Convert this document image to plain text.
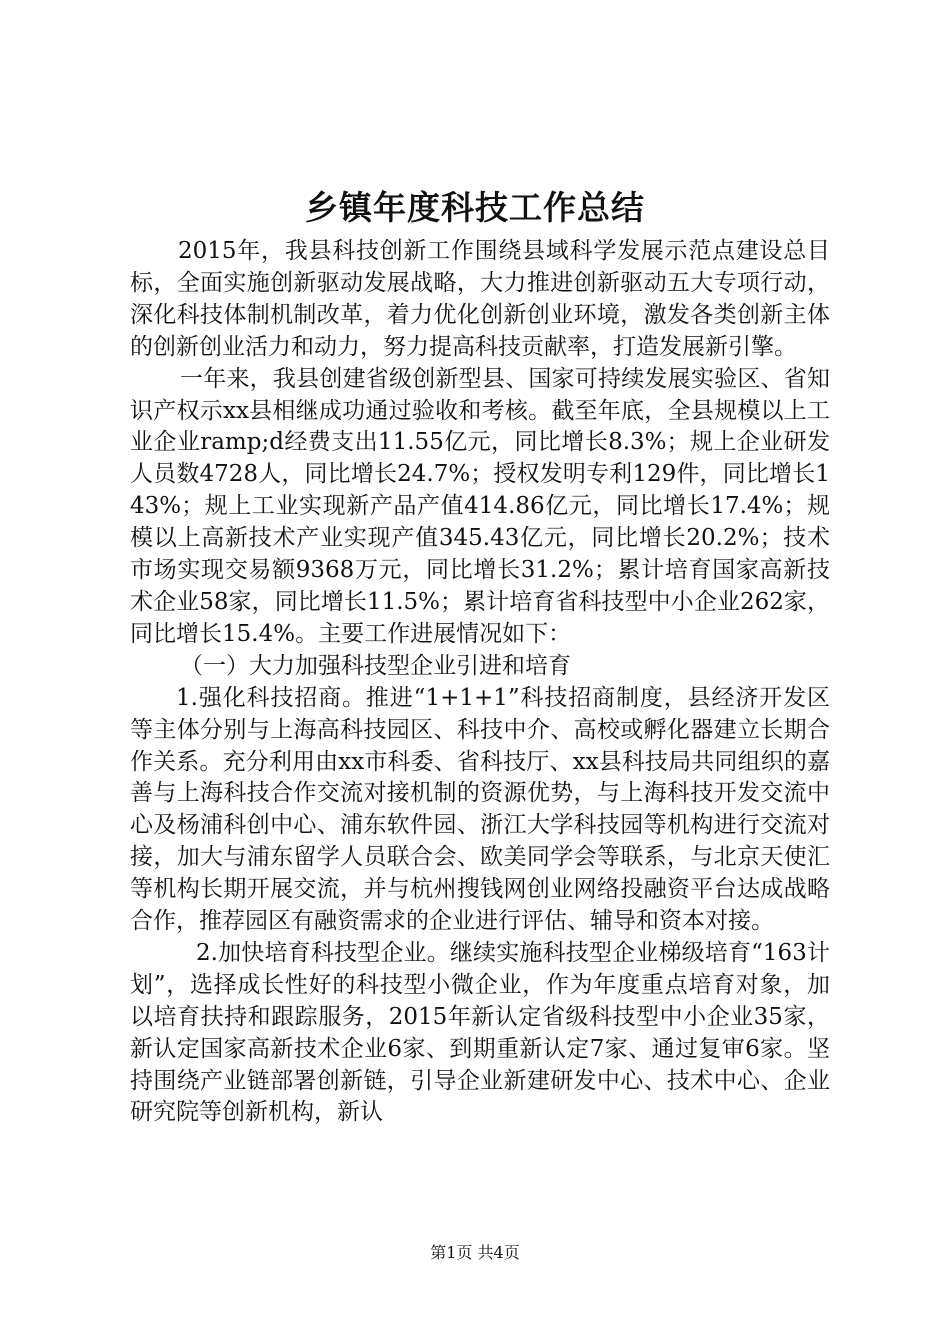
乡镇年度科技工作总结

2015年，我县科技创新工作围绕县域科学发展示范点建设总目标，全面实施创新驱动发展战略，大力推进创新驱动五大专项行动，深化科技体制机制改革，着力优化创新创业环境，激发各类创新主体的创新创业活力和动力，努力提高科技贡献率，打造发展新引擎。

一年来，我县创建省级创新型县、国家可持续发展实验区、省知识产权示xx县相继成功通过验收和考核。截至年底，全县规模以上工业企业ramp;d经费支出11.55亿元，同比增长8.3%；规上企业研发人员数4728人，同比增长24.7%；授权发明专利129件，同比增长143%；规上工业实现新产品产值414.86亿元，同比增长17.4%；规模以上高新技术产业实现产值345.43亿元，同比增长20.2%；技术市场实现交易额9368万元，同比增长31.2%；累计培育国家高新技术企业58家，同比增长11.5%；累计培育省科技型中小企业262家，同比增长15.4%。主要工作进展情况如下：

（一）大力加强科技型企业引进和培育

1.强化科技招商。推进“1+1+1”科技招商制度，县经济开发区等主体分别与上海高科技园区、科技中介、高校或孵化器建立长期合作关系。充分利用由xx市科委、省科技厅、xx县科技局共同组织的嘉善与上海科技合作交流对接机制的资源优势，与上海科技开发交流中心及杨浦科创中心、浦东软件园、浙江大学科技园等机构进行交流对接，加大与浦东留学人员联合会、欧美同学会等联系，与北京天使汇等机构长期开展交流，并与杭州搜钱网创业网络投融资平台达成战略合作，推荐园区有融资需求的企业进行评估、辅导和资本对接。

2.加快培育科技型企业。继续实施科技型企业梯级培育“163计划”，选择成长性好的科技型小微企业，作为年度重点培育对象，加以培育扶持和跟踪服务，2015年新认定省级科技型中小企业35家，新认定国家高新技术企业6家、到期重新认定7家、通过复审6家。坚持围绕产业链部署创新链，引导企业新建研发中心、技术中心、企业研究院等创新机构，新认

第1页 共4页
